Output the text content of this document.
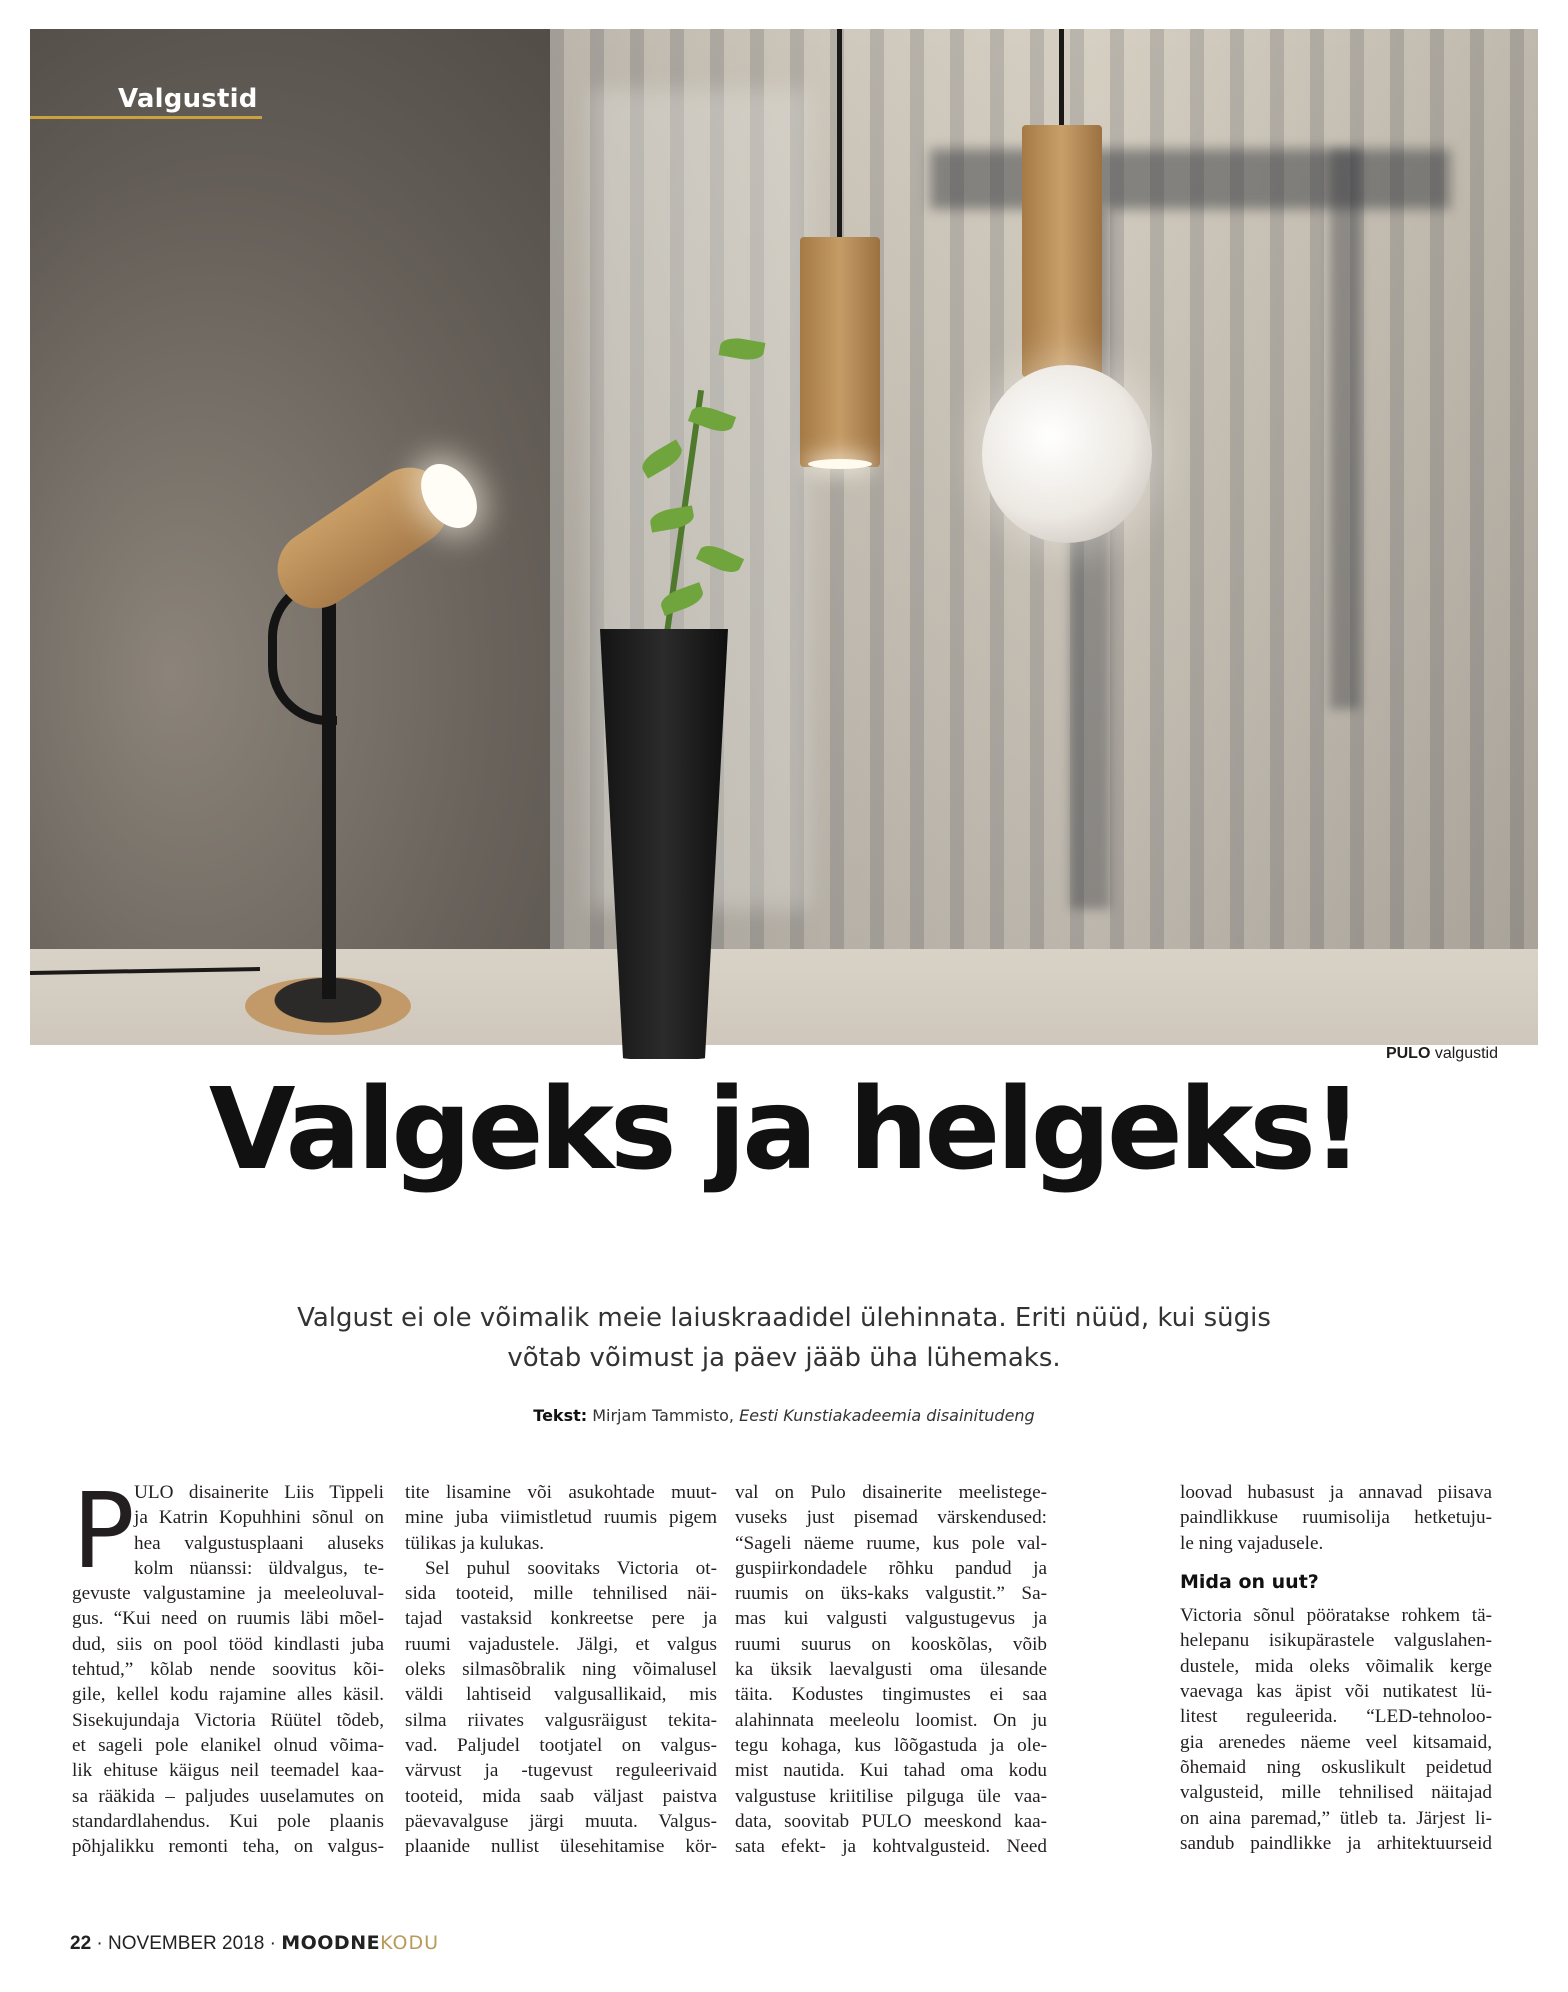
Valgustid
PULO valgustid
Valgeks ja helgeks!
Valgust ei ole võimalik meie laiuskraadidel ülehinnata. Eriti nüüd, kui sügis võtab võimust ja päev jääb üha lühemaks.
Tekst: Mirjam Tammisto, Eesti Kunstiakadeemia disainitudeng
P ULO disainerite Liis Tippeli
ja Katrin Kopuhhini sõnul on
hea valgustusplaani aluseks
kolm nüanssi: üldvalgus, te-
gevuste valgustamine ja meeleoluval-
gus. “Kui need on ruumis läbi mõel-
dud, siis on pool tööd kindlasti juba
tehtud,” kõlab nende soovitus kõi-
gile, kellel kodu rajamine alles käsil.
Sisekujundaja Victoria Rüütel tõdeb,
et sageli pole elanikel olnud võima-
lik ehituse käigus neil teemadel kaa-
sa rääkida – paljudes uuselamutes on
standardlahendus. Kui pole plaanis
põhjalikku remonti teha, on valgus-
tite lisamine või asukohtade muut-
mine juba viimistletud ruumis pigem
tülikas ja kulukas.
Sel puhul soovitaks Victoria ot-
sida tooteid, mille tehnilised näi-
tajad vastaksid konkreetse pere ja
ruumi vajadustele. Jälgi, et valgus
oleks silmasõbralik ning võimalusel
väldi lahtiseid valgusallikaid, mis
silma riivates valgusräigust tekita-
vad. Paljudel tootjatel on valgus-
värvust ja -tugevust reguleerivaid
tooteid, mida saab väljast paistva
päevavalguse järgi muuta. Valgus-
plaanide nullist ülesehitamise kör-
val on Pulo disainerite meelistege-
vuseks just pisemad värskendused:
“Sageli näeme ruume, kus pole val-
guspiirkondadele rõhku pandud ja
ruumis on üks-kaks valgustit.” Sa-
mas kui valgusti valgustugevus ja
ruumi suurus on kooskõlas, võib
ka üksik laevalgusti oma ülesande
täita. Kodustes tingimustes ei saa
alahinnata meeleolu loomist. On ju
tegu kohaga, kus lõõgastuda ja ole-
mist nautida. Kui tahad oma kodu
valgustuse kriitilise pilguga üle vaa-
data, soovitab PULO meeskond kaa-
sata efekt- ja kohtvalgusteid. Need
loovad hubasust ja annavad piisava
paindlikkuse ruumisolija hetketuju-
le ning vajadusele.
Mida on uut?
Victoria sõnul pööratakse rohkem tä-
helepanu isikupärastele valguslahen-
dustele, mida oleks võimalik kerge
vaevaga kas äpist või nutikatest lü-
litest reguleerida. “LED-tehnoloo-
gia arenedes näeme veel kitsamaid,
õhemaid ning oskuslikult peidetud
valgusteid, mille tehnilised näitajad
on aina paremad,” ütleb ta. Järjest li-
sandub paindlikke ja arhitektuurseid
22 · NOVEMBER 2018 · MOODNEKODU
